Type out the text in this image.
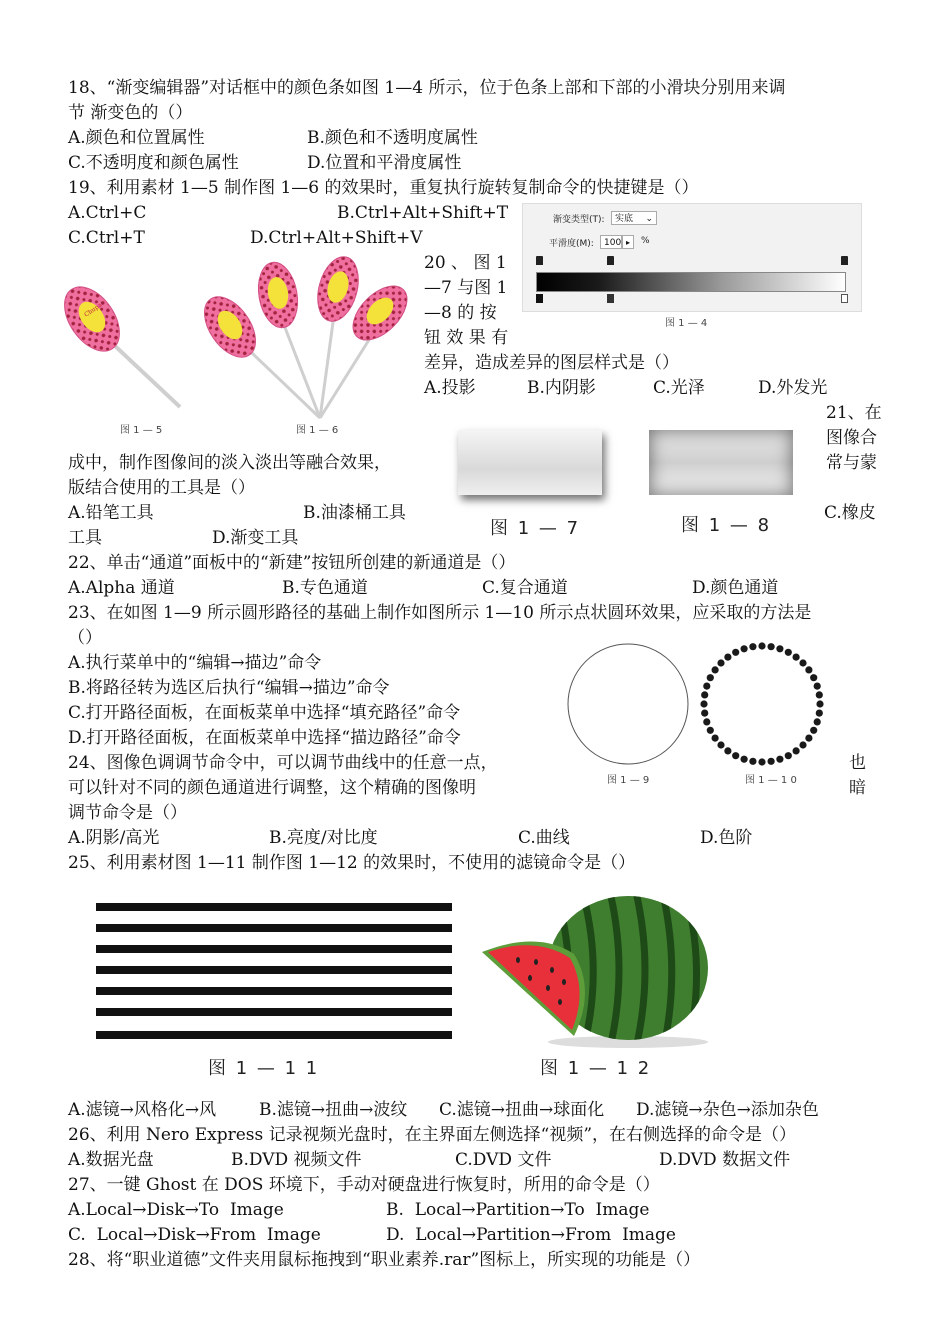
18、“渐变编辑器”对话框中的颜色条如图 1—4 所示，位于色条上部和下部的小滑块分别用来调
节 渐变色的（）
A.颜色和位置属性	B.颜色和不透明度属性
C.不透明度和颜色属性	D.位置和平滑度属性
19、利用素材 1—5 制作图 1—6 的效果时，重复执行旋转复制命令的快捷键是（）
A.Ctrl+C	B.Ctrl+Alt+Shift+T
C.Ctrl+T	D.Ctrl+Alt+Shift+V
渐变类型(T):	实底 ⌄
平滑度(M):	100 ▸	%
图 1 — 4
Chupa
图 1 — 5	图 1 — 6
20 、 图 1
—7 与图 1
—8 的 按
钮 效 果 有
差异，造成差异的图层样式是（）
A.投影	B.内阴影	C.光泽	D.外发光
图 1 — 7	图 1 — 8
21、在
图像合
常与蒙
成中，制作图像间的淡入淡出等融合效果，
版结合使用的工具是（）
A.铅笔工具	B.油漆桶工具	C.橡皮
工具	D.渐变工具
22、单击“通道”面板中的“新建”按钮所创建的新通道是（）
A.Alpha 通道	B.专色通道	C.复合通道	D.颜色通道
23、在如图 1—9 所示圆形路径的基础上制作如图所示 1—10 所示点状圆环效果，应采取的方法是
（）
A.执行菜单中的“编辑→描边”命令
B.将路径转为选区后执行“编辑→描边”命令
C.打开路径面板，在面板菜单中选择“填充路径”命令
D.打开路径面板，在面板菜单中选择“描边路径”命令
图 1 — 9	图 1 — 1 0
24、图像色调调节命令中，可以调节曲线中的任意一点，	也
可以针对不同的颜色通道进行调整，这个精确的图像明	暗
调节命令是（）
A.阴影/高光	B.亮度/对比度	C.曲线	D.色阶
25、利用素材图 1—11 制作图 1—12 的效果时，不使用的滤镜命令是（）
图 1 — 1 1	图 1 — 1 2
A.滤镜→风格化→风	B.滤镜→扭曲→波纹 C.滤镜→扭曲→球面化 D.滤镜→杂色→添加杂色
26、利用 Nero Express 记录视频光盘时，在主界面左侧选择“视频”，在右侧选择的命令是（）
A.数据光盘	B.DVD 视频文件	C.DVD 文件	D.DVD 数据文件
27、一键 Ghost 在 DOS 环境下，手动对硬盘进行恢复时，所用的命令是（）
A.Local→Disk→To  Image	B.  Local→Partition→To  Image
C.  Local→Disk→From  Image	D.  Local→Partition→From  Image
28、将“职业道德”文件夹用鼠标拖拽到“职业素养.rar”图标上，所实现的功能是（）
